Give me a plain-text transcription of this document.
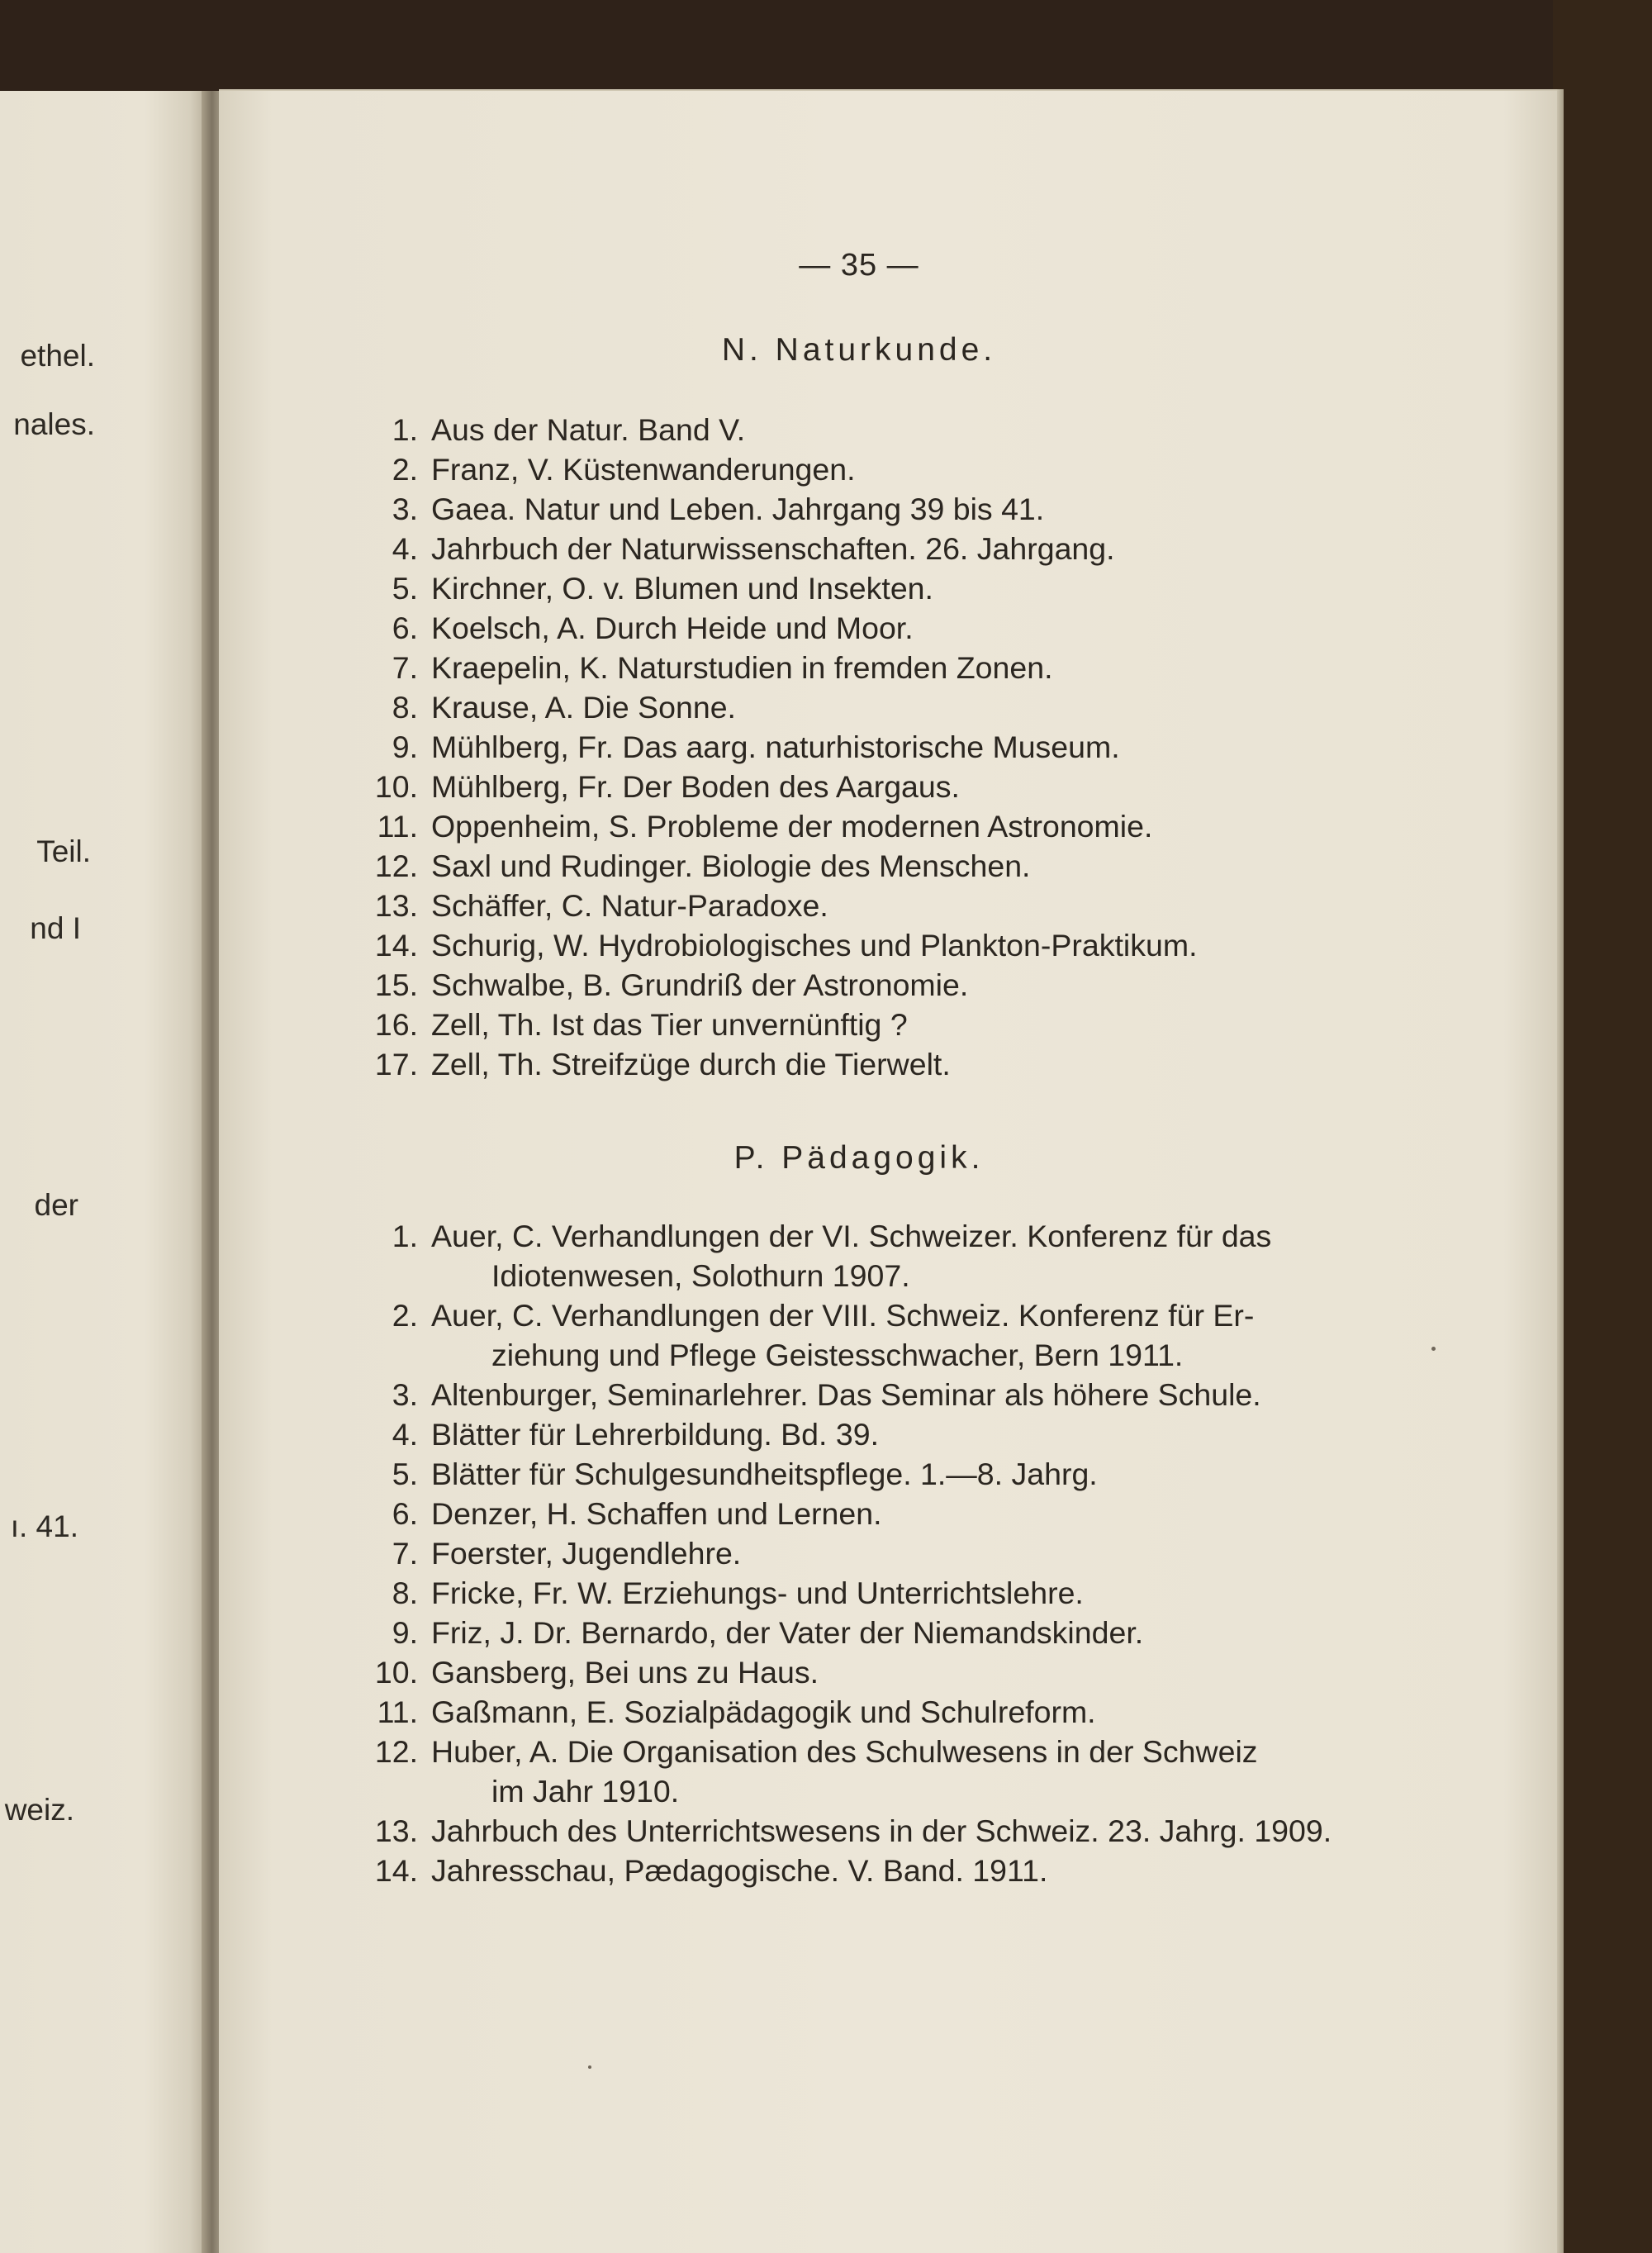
ethel.
nales.
Teil.
nd I
der
ı. 41.
weiz.
— 35 —
N. Naturkunde.
1. Aus der Natur. Band V.
2. Franz, V. Küstenwanderungen.
3. Gaea. Natur und Leben. Jahrgang 39 bis 41.
4. Jahrbuch der Naturwissenschaften. 26. Jahrgang.
5. Kirchner, O. v. Blumen und Insekten.
6. Koelsch, A. Durch Heide und Moor.
7. Kraepelin, K. Naturstudien in fremden Zonen.
8. Krause, A. Die Sonne.
9. Mühlberg, Fr. Das aarg. naturhistorische Museum.
10. Mühlberg, Fr. Der Boden des Aargaus.
11. Oppenheim, S. Probleme der modernen Astronomie.
12. Saxl und Rudinger. Biologie des Menschen.
13. Schäffer, C. Natur-Paradoxe.
14. Schurig, W. Hydrobiologisches und Plankton-Praktikum.
15. Schwalbe, B. Grundriß der Astronomie.
16. Zell, Th. Ist das Tier unvernünftig ?
17. Zell, Th. Streifzüge durch die Tierwelt.
P. Pädagogik.
1. Auer, C. Verhandlungen der VI. Schweizer. Konferenz für das
Idiotenwesen, Solothurn 1907.
2. Auer, C. Verhandlungen der VIII. Schweiz. Konferenz für Er-
ziehung und Pflege Geistesschwacher, Bern 1911.
3. Altenburger, Seminarlehrer. Das Seminar als höhere Schule.
4. Blätter für Lehrerbildung. Bd. 39.
5. Blätter für Schulgesundheitspflege. 1.—8. Jahrg.
6. Denzer, H. Schaffen und Lernen.
7. Foerster, Jugendlehre.
8. Fricke, Fr. W. Erziehungs- und Unterrichtslehre.
9. Friz, J. Dr. Bernardo, der Vater der Niemandskinder.
10. Gansberg, Bei uns zu Haus.
11. Gaßmann, E. Sozialpädagogik und Schulreform.
12. Huber, A. Die Organisation des Schulwesens in der Schweiz
im Jahr 1910.
13. Jahrbuch des Unterrichtswesens in der Schweiz. 23. Jahrg. 1909.
14. Jahresschau, Pædagogische. V. Band. 1911.
